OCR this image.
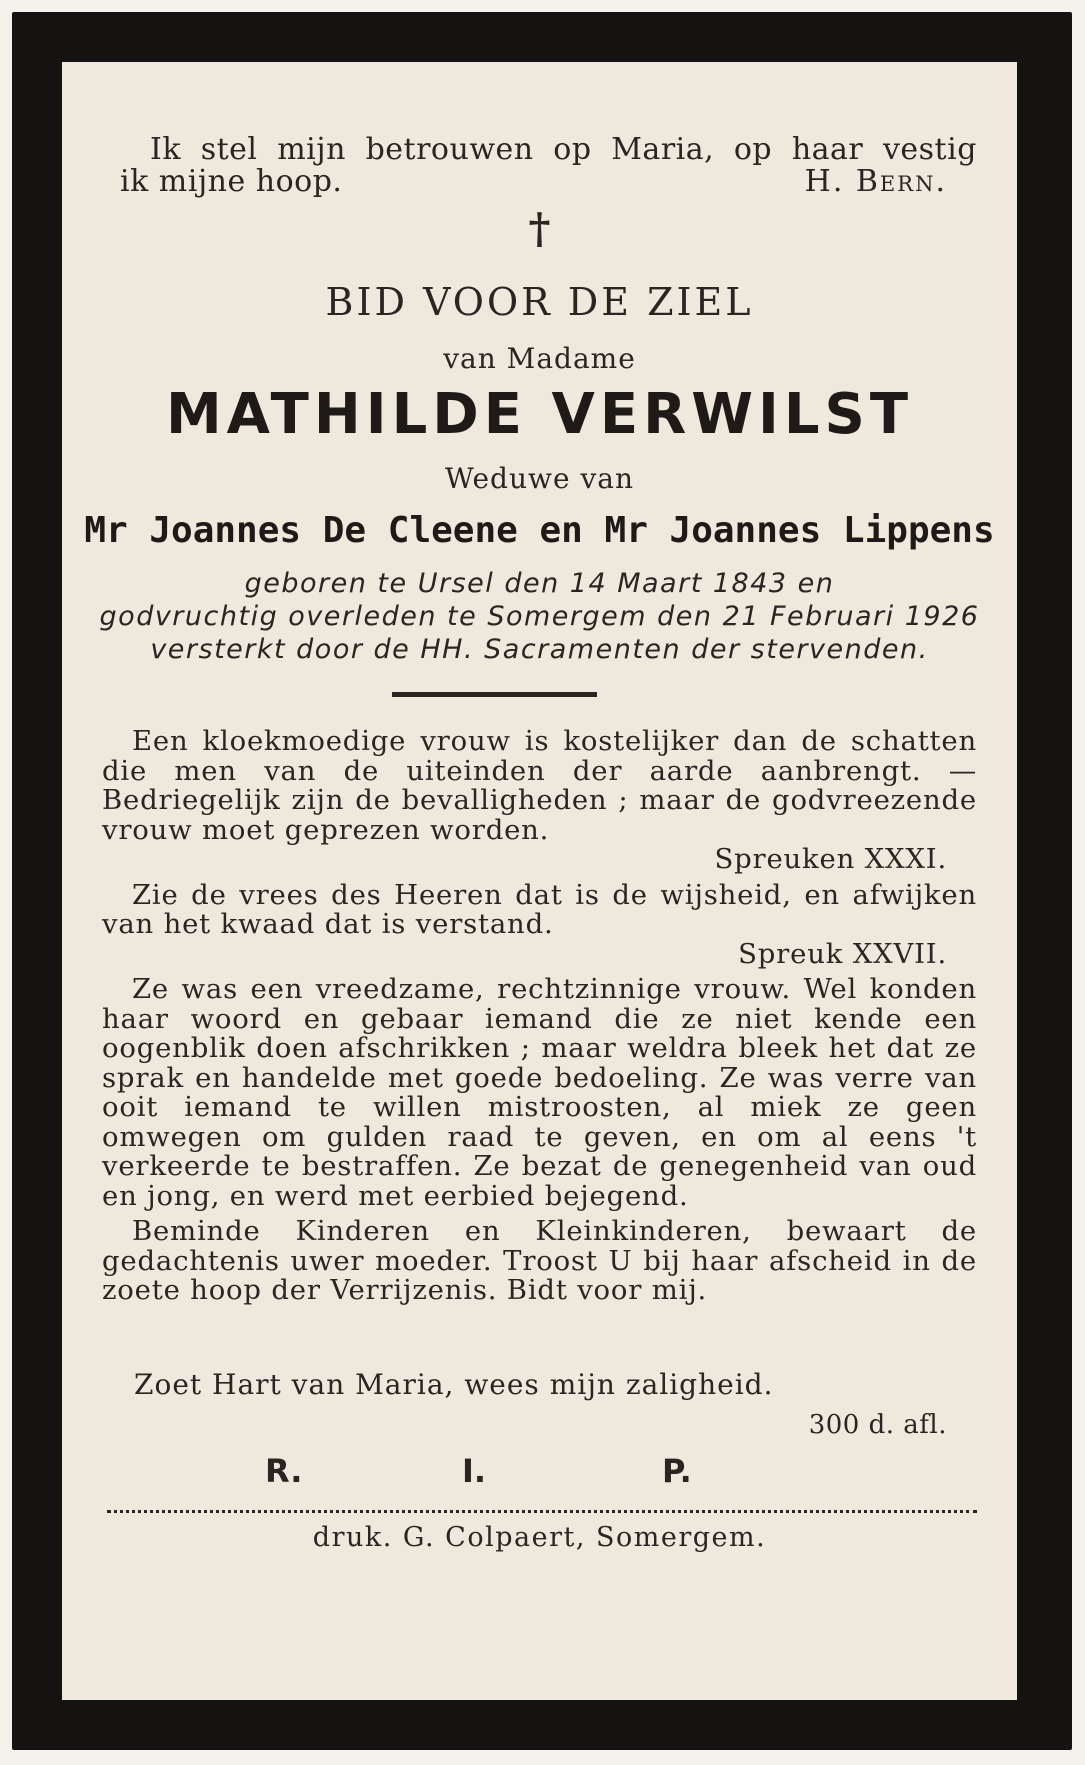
Ik stel mijn betrouwen op Maria, op haar vestig
ik mijne hoop.	H. Bern.
†
BID VOOR DE ZIEL
van Madame
MATHILDE VERWILST
Weduwe van
Mr Joannes De Cleene en Mr Joannes Lippens
geboren te Ursel den 14 Maart 1843 en
godvruchtig overleden te Somergem den 21 Februari 1926
versterkt door de HH. Sacramenten der stervenden.

Een kloekmoedige vrouw is kostelijker dan de schatten die men van de uiteinden der aarde aanbrengt. — Bedriegelijk zijn de bevalligheden ; maar de godvreezende vrouw moet geprezen worden.

Spreuken XXXI.

Zie de vrees des Heeren dat is de wijsheid, en afwijken van het kwaad dat is verstand.

Spreuk XXVII.

Ze was een vreedzame, rechtzinnige vrouw. Wel konden haar woord en gebaar iemand die ze niet kende een oogenblik doen afschrikken ; maar weldra bleek het dat ze sprak en handelde met goede bedoeling. Ze was verre van ooit iemand te willen mistroosten, al miek ze geen omwegen om gulden raad te geven, en om al eens 't verkeerde te bestraffen. Ze bezat de genegenheid van oud en jong, en werd met eerbied bejegend.

Beminde Kinderen en Kleinkinderen, bewaart de gedachtenis uwer moeder. Troost U bij haar afscheid in de zoete hoop der Verrijzenis. Bidt voor mij.

Zoet Hart van Maria, wees mijn zaligheid.
300 d. afl.
R.	I.	P.
druk. G. Colpaert, Somergem.
